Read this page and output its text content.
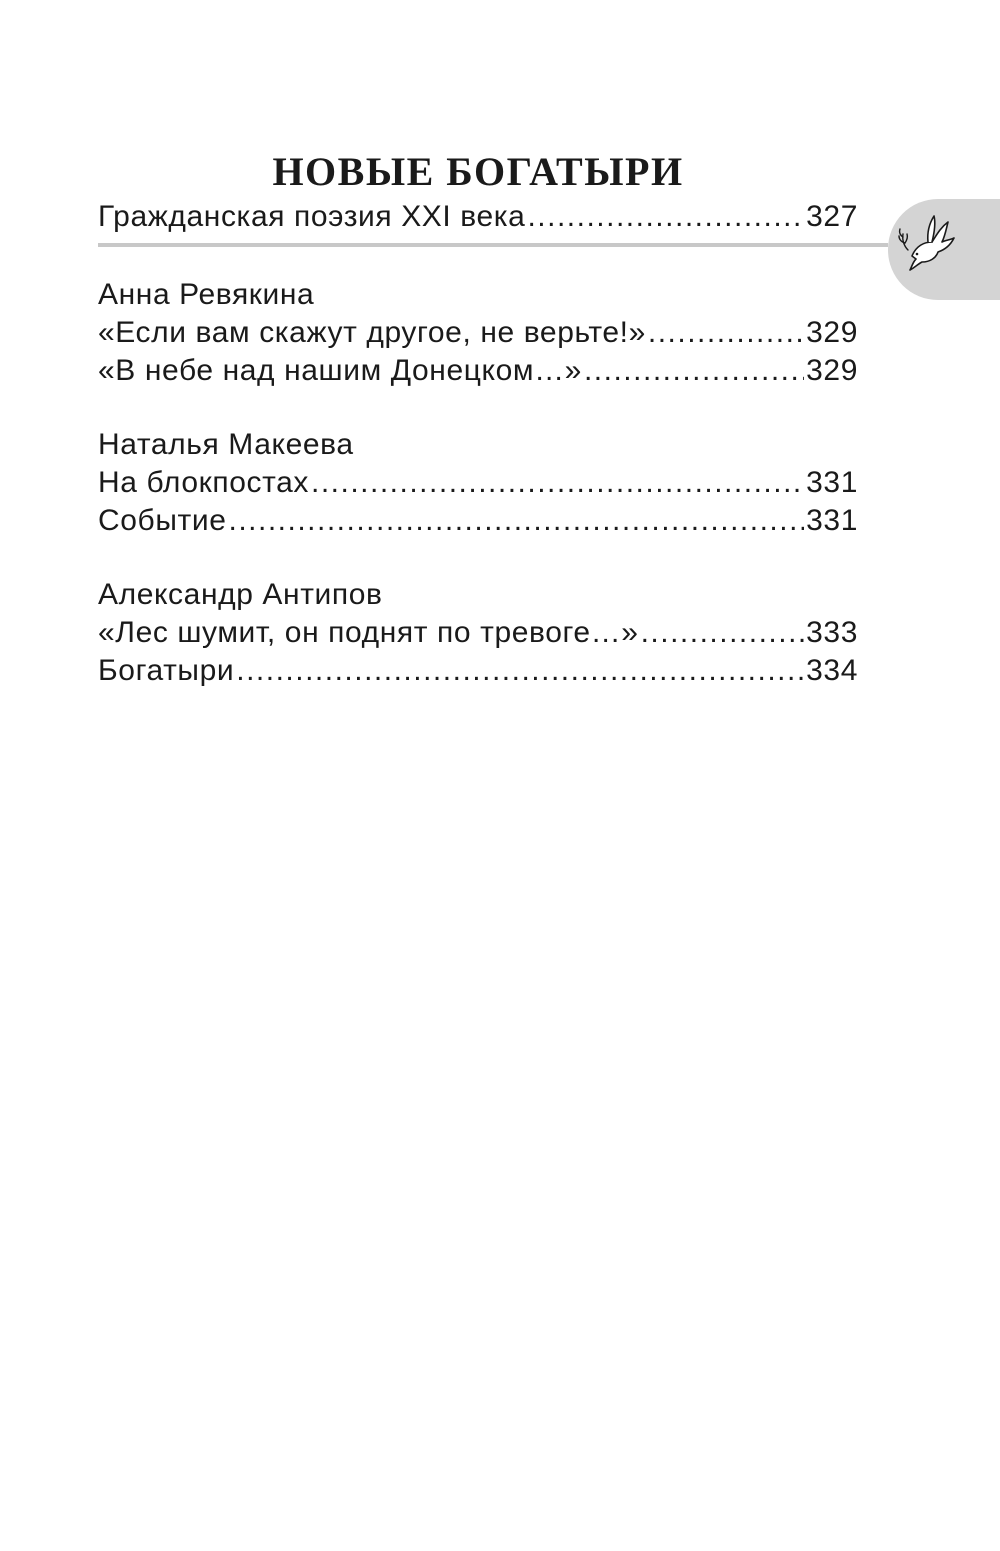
НОВЫЕ БОГАТЫРИ
Гражданская поэзия XXI века .....	327
Анна Ревякина
«Если вам скажут другое, не верьте!» .....	329
«В небе над нашим Донецком…» .....	329
Наталья Макеева
На блокпостах .....	331
Событие .....	331
Александр Антипов
«Лес шумит, он поднят по тревоге…» .....	333
Богатыри .....	334
